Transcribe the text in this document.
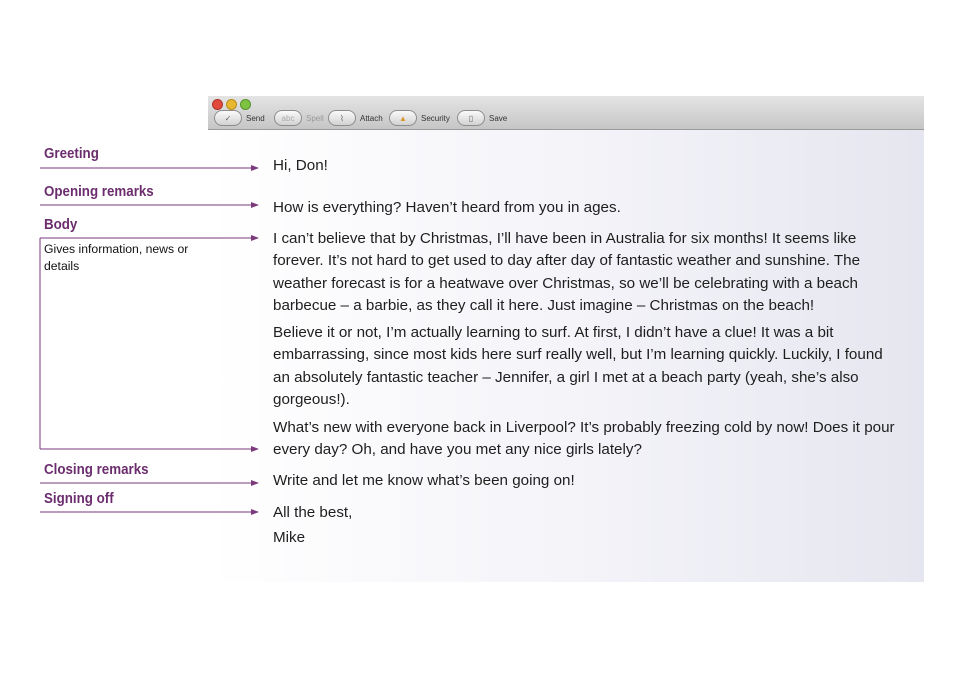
✓	Send	abc	Spell	⌇	Attach	▲	Security	▯	Save

Hi, Don!

How is everything? Haven’t heard from you in ages.

I can’t believe that by Christmas, I’ll have been in Australia for six months! It seems like forever. It’s not hard to get used to day after day of fantastic weather and sunshine. The weather forecast is for a heatwave over Christmas, so we’ll be celebrating with a beach barbecue – a barbie, as they call it here. Just imagine – Christmas on the beach!

Believe it or not, I’m actually learning to surf. At first, I didn’t have a clue! It was a bit embarrassing, since most kids here surf really well, but I’m learning quickly. Luckily, I found an absolutely fantastic teacher – Jennifer, a girl I met at a beach party (yeah, she’s also gorgeous!).

What’s new with everyone back in Liverpool? It’s probably freezing cold by now! Does it pour every day? Oh, and have you met any nice girls lately?

Write and let me know what’s been going on!

All the best,

Mike

Greeting
Opening remarks
Body
Gives information, news or details
Closing remarks
Signing off
